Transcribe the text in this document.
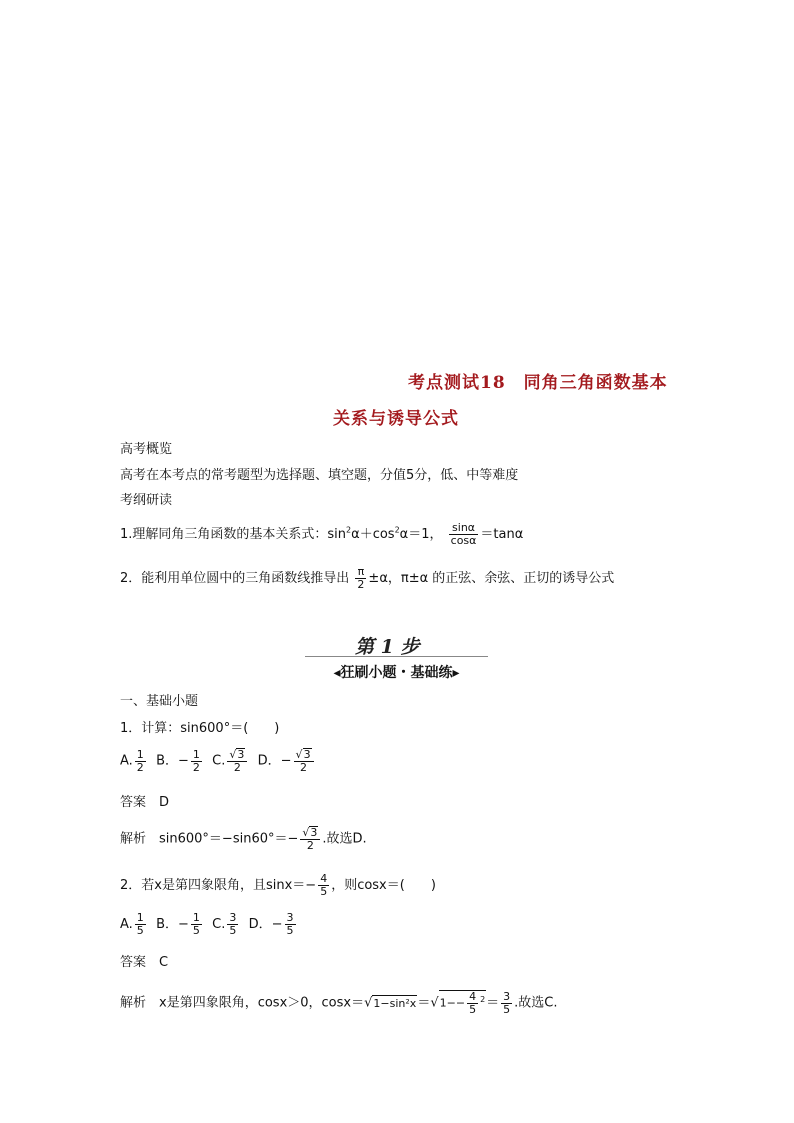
考点测试18　同角三角函数基本
关系与诱导公式
高考概览
高考在本考点的常考题型为选择题、填空题，分值5分，低、中等难度
考纲研读
1.理解同角三角函数的基本关系式：$\sin^2\alpha+\cos^2\alpha=1$， $\frac{\sin\alpha}{\cos\alpha} =\tan\alpha$
2．能利用单位圆中的三角函数线推导出 $\frac{\pi}{2} \pm\alpha$，π±α 的正弦、余弦、正切的诱导公式
第 1 步
◂狂刷小题・基础练▸
一、基础小题
1．计算：sin600°＝(　　)
A. $\frac{1}{2}$ B．− $\frac{1}{2} C$. $\frac{√3}{2}$ D．− $\frac{√3}{2}$
答案　D
解析　$\sin 600^\circ=-\sin 60^\circ=- \frac{√3}{2}$ .故选D.
2．若x是第四象限角，且$\sin x=- \frac{4}{5}$ ，则cosx＝(　　)
A. $\frac{1}{5}$ B．− $\frac{1}{5} C$. $\frac{3}{5}$ D．− $\frac{3}{5}$
答案　C
解析　x是第四象限角，cosx＞0，$\cos x=√1-\sin^2x=√1-- \frac{4}{5} ^2= \frac{3}{5}$ .故选C.
